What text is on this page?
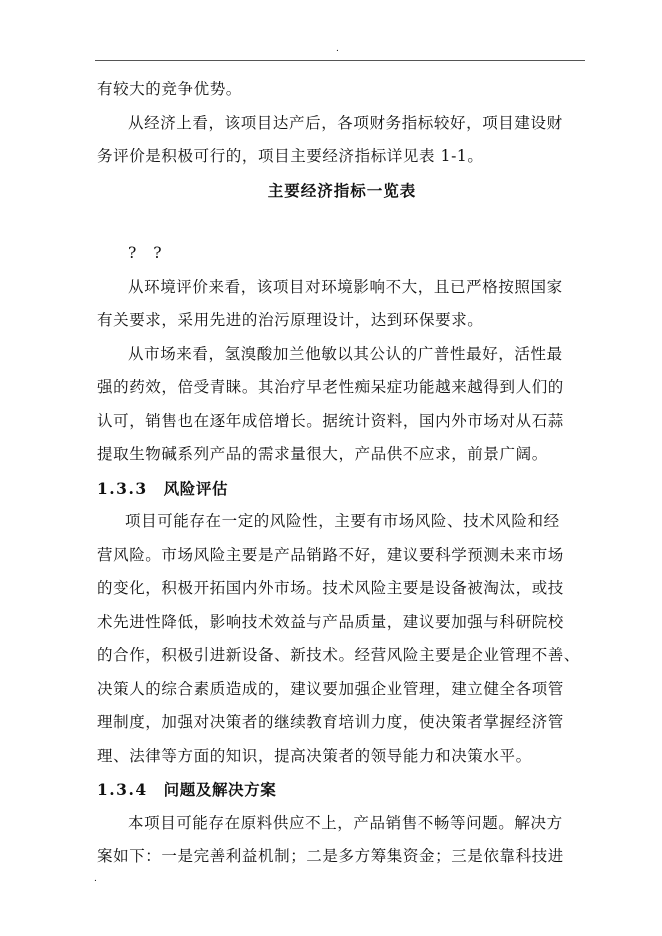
.
有较大的竞争优势。
从经济上看，该项目达产后，各项财务指标较好，项目建设财
务评价是积极可行的，项目主要经济指标详见表 1-1。
主要经济指标一览表
? ?
从环境评价来看，该项目对环境影响不大，且已严格按照国家
有关要求，采用先进的治污原理设计，达到环保要求。
从市场来看，氢溴酸加兰他敏以其公认的广普性最好，活性最
强的药效，倍受青睐。其治疗早老性痴呆症功能越来越得到人们的
认可，销售也在逐年成倍增长。据统计资料，国内外市场对从石蒜
提取生物碱系列产品的需求量很大，产品供不应求，前景广阔。
1.3.3 风险评估
项目可能存在一定的风险性，主要有市场风险、技术风险和经
营风险。市场风险主要是产品销路不好，建议要科学预测未来市场
的变化，积极开拓国内外市场。技术风险主要是设备被淘汰，或技
术先进性降低，影响技术效益与产品质量，建议要加强与科研院校
的合作，积极引进新设备、新技术。经营风险主要是企业管理不善、
决策人的综合素质造成的，建议要加强企业管理，建立健全各项管
理制度，加强对决策者的继续教育培训力度，使决策者掌握经济管
理、法律等方面的知识，提高决策者的领导能力和决策水平。
1.3.4 问题及解决方案
本项目可能存在原料供应不上，产品销售不畅等问题。解决方
案如下：一是完善利益机制；二是多方筹集资金；三是依靠科技进
.
